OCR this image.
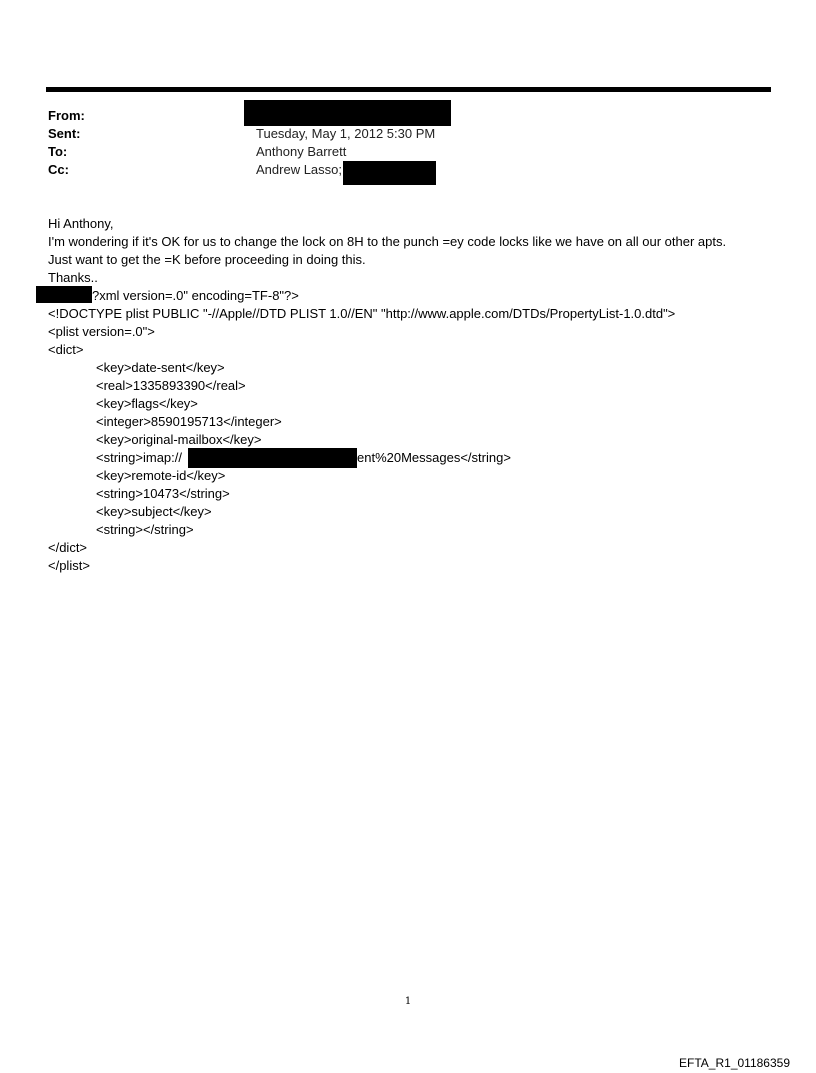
From:
Sent:	Tuesday, May 1, 2012 5:30 PM
To:	Anthony Barrett
Cc:	Andrew Lasso;
Hi Anthony,
I'm wondering if it's OK for us to change the lock on 8H to the punch =ey code locks like we have on all our other apts.
Just want to get the =K before proceeding in doing this.
Thanks..
?xml version=.0" encoding=TF-8"?>
<!DOCTYPE plist PUBLIC "-//Apple//DTD PLIST 1.0//EN" "http://www.apple.com/DTDs/PropertyList-1.0.dtd">
<plist version=.0">
<dict>
<key>date-sent</key>
<real>1335893390</real>
<key>flags</key>
<integer>8590195713</integer>
<key>original-mailbox</key>
<string>imap://	ent%20Messages</string>
<key>remote-id</key>
<string>10473</string>
<key>subject</key>
<string></string>
</dict>
</plist>
1
EFTA_R1_01186359
